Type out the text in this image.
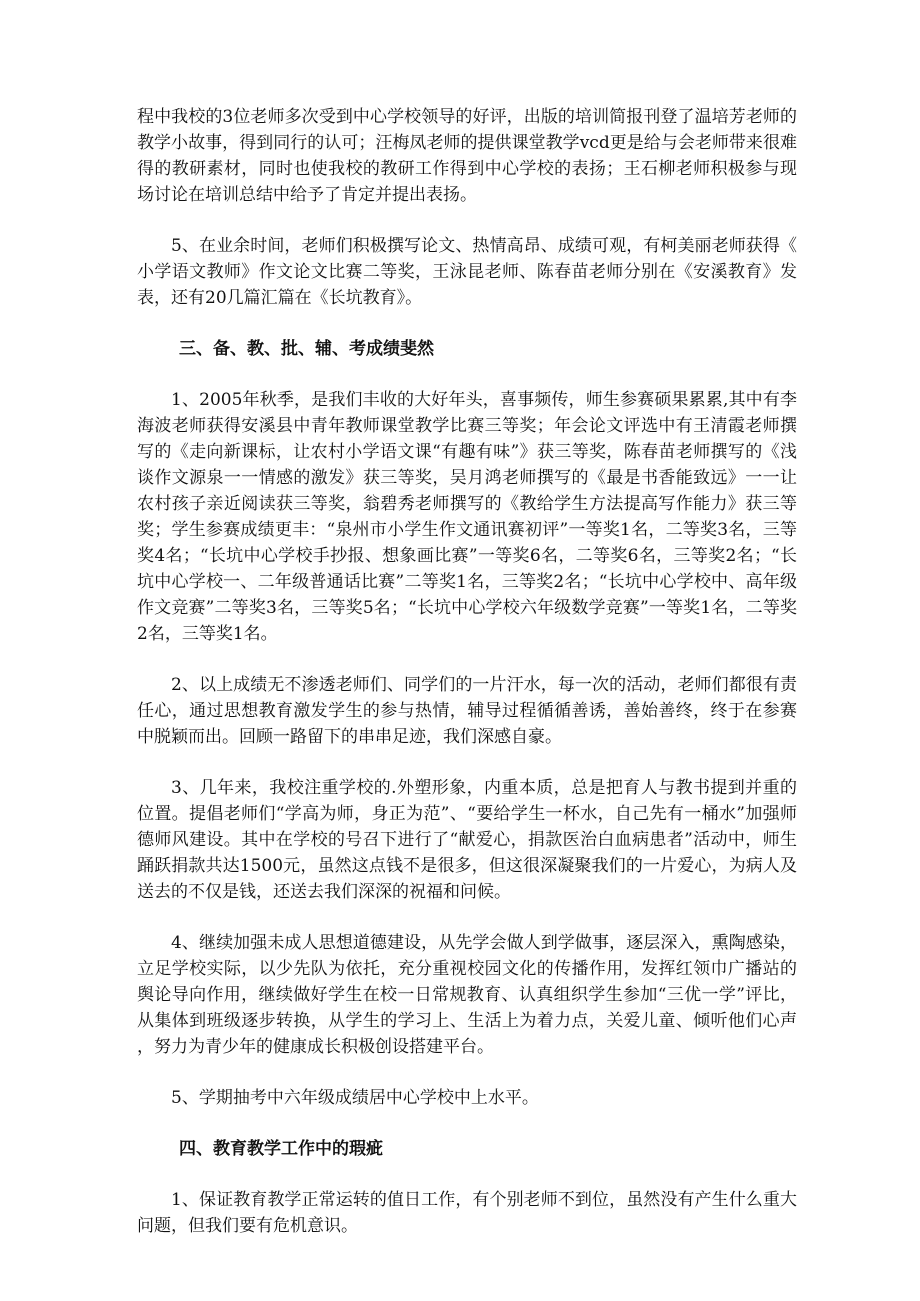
程中我校的3位老师多次受到中心学校领导的好评，出版的培训简报刊登了温培芳老师的教学小故事，得到同行的认可；汪梅凤老师的提供课堂教学vcd更是给与会老师带来很难得的教研素材，同时也使我校的教研工作得到中心学校的表扬；王石柳老师积极参与现场讨论在培训总结中给予了肯定并提出表扬。

5、在业余时间，老师们积极撰写论文、热情高昂、成绩可观，有柯美丽老师获得《小学语文教师》作文论文比赛二等奖，王泳昆老师、陈春苗老师分别在《安溪教育》发表，还有20几篇汇篇在《长坑教育》。

三、备、教、批、辅、考成绩斐然

1、2005年秋季，是我们丰收的大好年头，喜事频传，师生参赛硕果累累,其中有李海波老师获得安溪县中青年教师课堂教学比赛三等奖；年会论文评选中有王清霞老师撰写的《走向新课标，让农村小学语文课“有趣有味”》获三等奖，陈春苗老师撰写的《浅谈作文源泉一一情感的激发》获三等奖，吴月鸿老师撰写的《最是书香能致远》一一让农村孩子亲近阅读获三等奖，翁碧秀老师撰写的《教给学生方法提高写作能力》获三等奖；学生参赛成绩更丰：“泉州市小学生作文通讯赛初评”一等奖1名，二等奖3名，三等奖4名；“长坑中心学校手抄报、想象画比赛”一等奖6名，二等奖6名，三等奖2名；“长坑中心学校一、二年级普通话比赛”二等奖1名，三等奖2名；“长坑中心学校中、高年级作文竞赛”二等奖3名，三等奖5名；“长坑中心学校六年级数学竞赛”一等奖1名，二等奖2名，三等奖1名。

2、以上成绩无不渗透老师们、同学们的一片汗水，每一次的活动，老师们都很有责任心，通过思想教育激发学生的参与热情，辅导过程循循善诱，善始善终，终于在参赛中脱颖而出。回顾一路留下的串串足迹，我们深感自豪。

3、几年来，我校注重学校的.外塑形象，内重本质，总是把育人与教书提到并重的位置。提倡老师们“学高为师，身正为范”、“要给学生一杯水，自己先有一桶水”加强师德师风建设。其中在学校的号召下进行了“献爱心，捐款医治白血病患者”活动中，师生踊跃捐款共达1500元，虽然这点钱不是很多，但这很深凝聚我们的一片爱心，为病人及送去的不仅是钱，还送去我们深深的祝福和问候。

4、继续加强未成人思想道德建设，从先学会做人到学做事，逐层深入，熏陶感染，立足学校实际，以少先队为依托，充分重视校园文化的传播作用，发挥红领巾广播站的舆论导向作用，继续做好学生在校一日常规教育、认真组织学生参加“三优一学”评比，从集体到班级逐步转换，从学生的学习上、生活上为着力点，关爱儿童、倾听他们心声，努力为青少年的健康成长积极创设搭建平台。

5、学期抽考中六年级成绩居中心学校中上水平。

四、教育教学工作中的瑕疵

1、保证教育教学正常运转的值日工作，有个别老师不到位，虽然没有产生什么重大问题，但我们要有危机意识。
